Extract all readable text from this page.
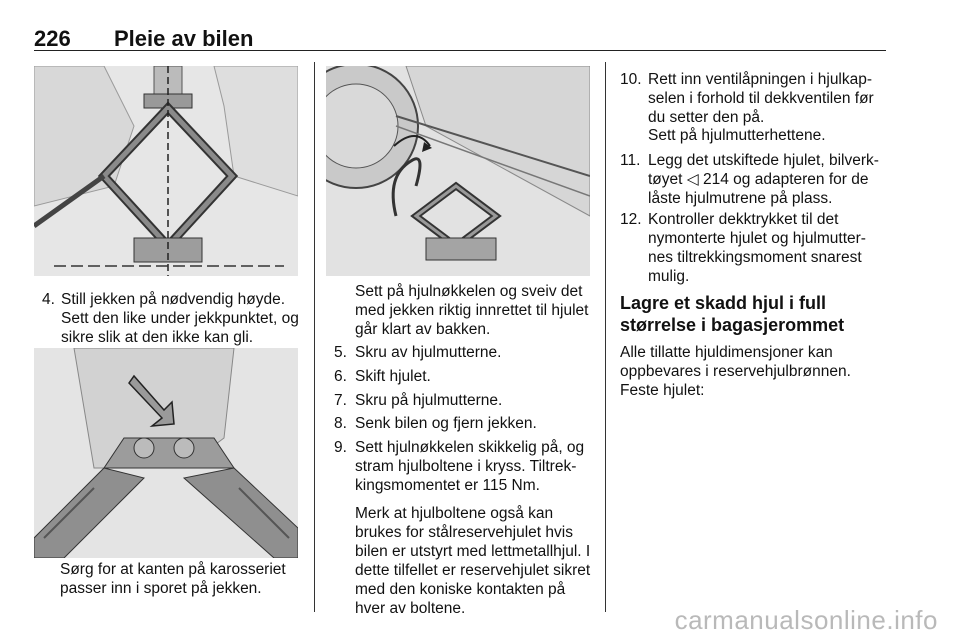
226 Pleie av bilen
4. Still jekken på nødvendig høyde. Sett den like under jekkpunktet, og sikre slik at den ikke kan gli.
Sørg for at kanten på karosseriet passer inn i sporet på jekken.
Sett på hjulnøkkelen og sveiv det med jekken riktig innrettet til hjulet går klart av bakken.
5. Skru av hjulmutterne.
6. Skift hjulet.
7. Skru på hjulmutterne.
8. Senk bilen og fjern jekken.
9. Sett hjulnøkkelen skikkelig på, og stram hjulboltene i kryss. Tiltrek-kingsmomentet er 115 Nm.
Merk at hjulboltene også kan brukes for stålreservehjulet hvis bilen er utstyrt med lettmetallhjul. I dette tilfellet er reservehjulet sikret med den koniske kontakten på hver av boltene.
10. Rett inn ventilåpningen i hjulkap-selen i forhold til dekkventilen før du setter den på.
Sett på hjulmutterhettene.
11. Legg det utskiftede hjulet, bilverk-tøyet ◁ 214 og adapteren for de låste hjulmutrene på plass.
12. Kontroller dekktrykket til det nymonterte hjulet og hjulmutter-nes tiltrekkingsmoment snarest mulig.
Lagre et skadd hjul i full størrelse i bagasjerommet
Alle tillatte hjuldimensjoner kan oppbevares i reservehjulbrønnen. Feste hjulet:
carmanualsonline.info
